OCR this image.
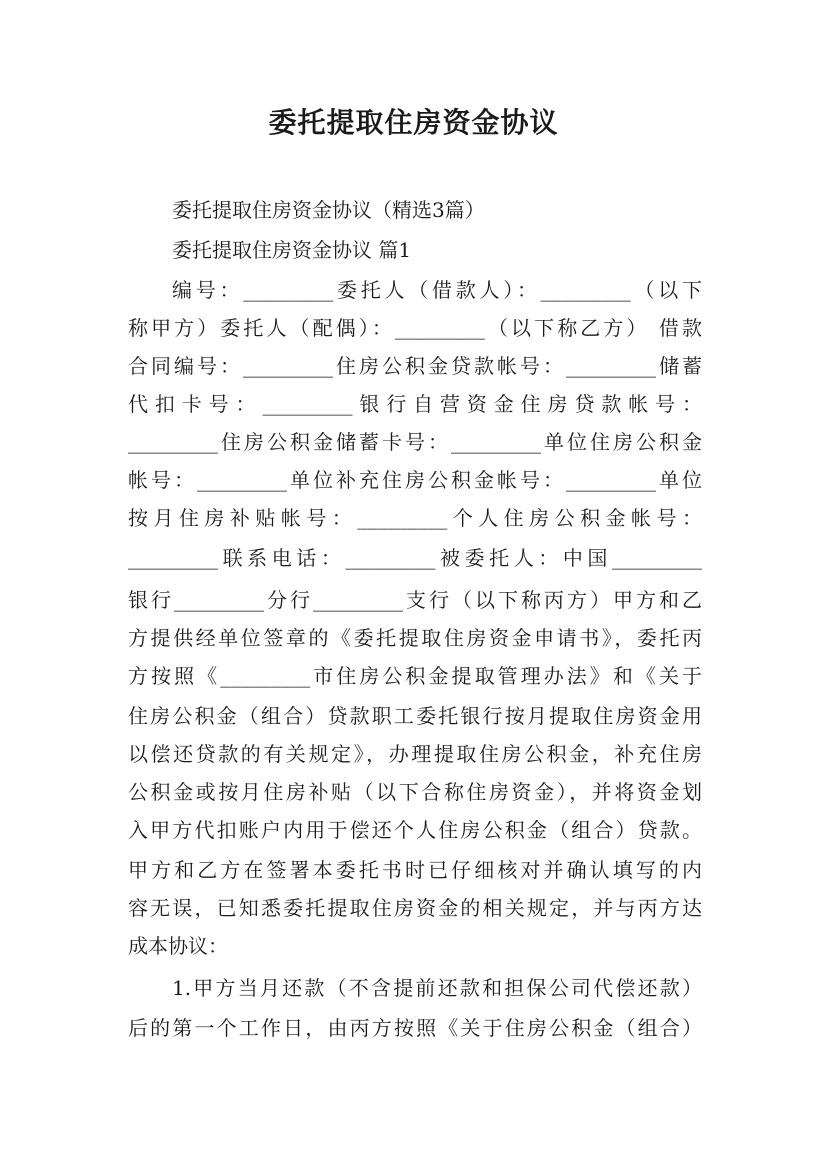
委托提取住房资金协议
委托提取住房资金协议（精选3篇）
委托提取住房资金协议 篇1
编号：_________委托人（借款人）：_________（以下
称甲方）委托人（配偶）：_________（以下称乙方） 借款
合同编号：_________住房公积金贷款帐号：_________储蓄
代扣卡号：_________银行自营资金住房贷款帐号：
_________住房公积金储蓄卡号：_________单位住房公积金
帐号：_________单位补充住房公积金帐号：_________单位
按月住房补贴帐号：_________个人住房公积金帐号：
_________联系电话：_________被委托人：中国_________
银行_________分行_________支行（以下称丙方）甲方和乙
方提供经单位签章的《委托提取住房资金申请书》，委托丙
方按照《_________市住房公积金提取管理办法》和《关于
住房公积金（组合）贷款职工委托银行按月提取住房资金用
以偿还贷款的有关规定》，办理提取住房公积金，补充住房
公积金或按月住房补贴（以下合称住房资金），并将资金划
入甲方代扣账户内用于偿还个人住房公积金（组合）贷款。
甲方和乙方在签署本委托书时已仔细核对并确认填写的内
容无误，已知悉委托提取住房资金的相关规定，并与丙方达
成本协议：
1.甲方当月还款（不含提前还款和担保公司代偿还款）
后的第一个工作日，由丙方按照《关于住房公积金（组合）
